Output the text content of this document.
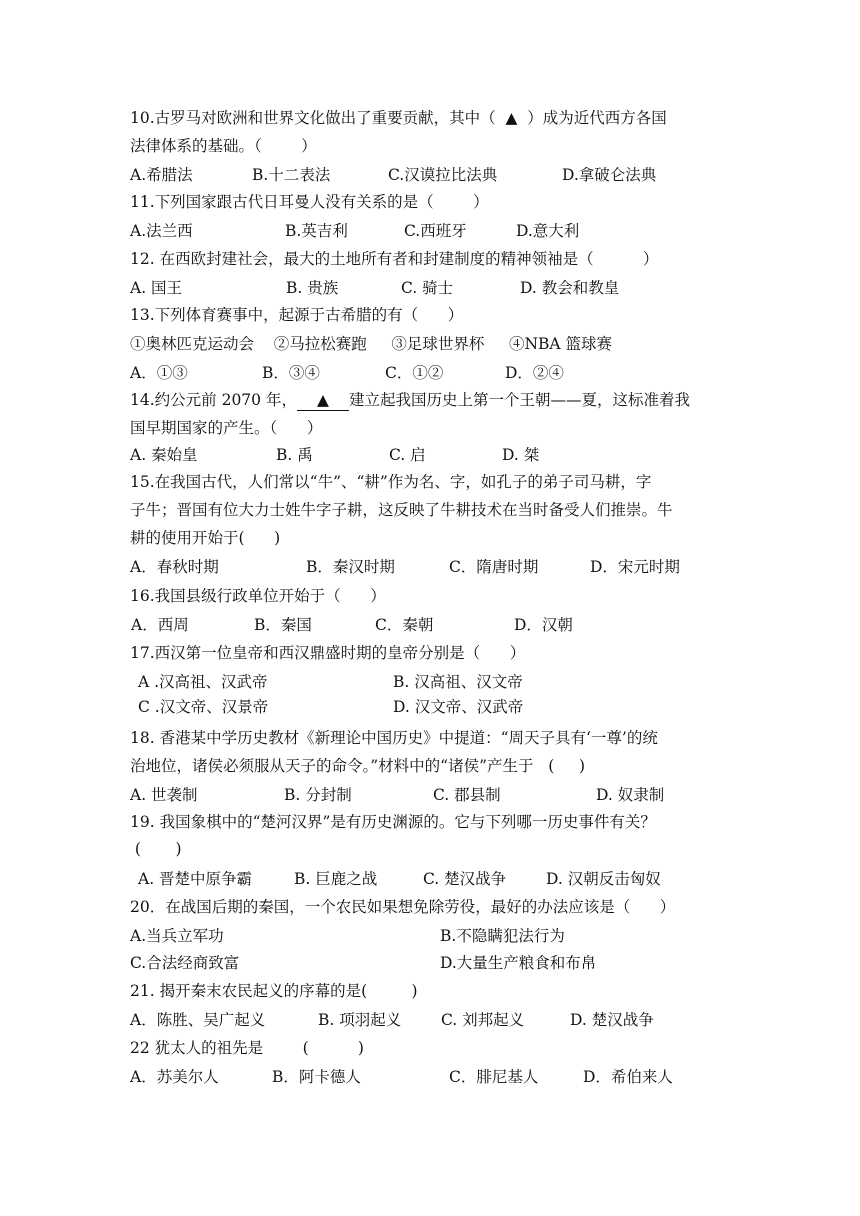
10.古罗马对欧洲和世界文化做出了重要贡献，其中（  ▲  ）成为近代西方各国
法律体系的基础。（        ）
A.希腊法	B.十二表法	C.汉谟拉比法典	D.拿破仑法典
11.下列国家跟古代日耳曼人没有关系的是（        ）
A.法兰西	B.英吉利	C.西班牙	D.意大利
12. 在西欧封建社会，最大的土地所有者和封建制度的精神领袖是（          ）
A. 国王	B. 贵族	C. 骑士	D. 教会和教皇
13.下列体育赛事中，起源于古希腊的有（      ）
①奥林匹克运动会    ②马拉松赛跑     ③足球世界杯     ④NBA 篮球赛
A．①③	B．③④	C．①②	D．②④
14.约公元前 2070 年， ▲ 建立起我国历史上第一个王朝——夏，这标准着我
国早期国家的产生。（      ）
A. 秦始皇	B. 禹	C. 启	D. 桀
15.在我国古代，人们常以“牛”、“耕”作为名、字，如孔子的弟子司马耕，字
子牛；晋国有位大力士姓牛字子耕，这反映了牛耕技术在当时备受人们推崇。牛
耕的使用开始于(      )
A．春秋时期	B．秦汉时期	C．隋唐时期	D．宋元时期
16.我国县级行政单位开始于（      ）
A．西周	B．秦国	C．秦朝	D．汉朝
17.西汉第一位皇帝和西汉鼎盛时期的皇帝分别是（      ）
A .汉高祖、汉武帝	B. 汉高祖、汉文帝
C .汉文帝、汉景帝	D. 汉文帝、汉武帝
18. 香港某中学历史教材《新理论中国历史》中提道：“周天子具有‘一尊’的统
治地位，诸侯必须服从天子的命令。”材料中的“诸侯”产生于   (     )
A. 世袭制	B. 分封制	C. 郡县制	D. 奴隶制
19. 我国象棋中的“楚河汉界”是有历史渊源的。它与下列哪一历史事件有关？
(       )
A. 晋楚中原争霸	B. 巨鹿之战	C. 楚汉战争	D. 汉朝反击匈奴
20．在战国后期的秦国，一个农民如果想免除劳役，最好的办法应该是（      ）
A.当兵立军功	B.不隐瞒犯法行为
C.合法经商致富	D.大量生产粮食和布帛
21. 揭开秦末农民起义的序幕的是(         )
A．陈胜、吴广起义	B. 项羽起义	C. 刘邦起义	D. 楚汉战争
22 犹太人的祖先是        (          )
A．苏美尔人	B．阿卡德人	C．腓尼基人	D．希伯来人
